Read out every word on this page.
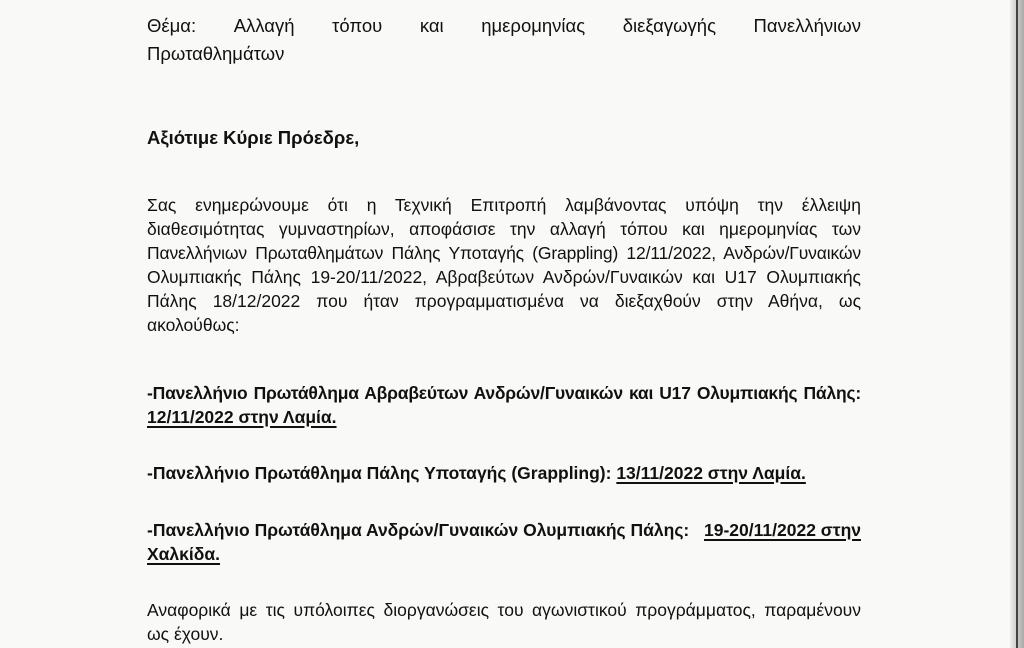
Θέμα: Αλλαγή τόπου και ημερομηνίας διεξαγωγής Πανελλήνιων
Πρωταθλημάτων
Αξιότιμε Κύριε Πρόεδρε,
Σας ενημερώνουμε ότι η Τεχνική Επιτροπή λαμβάνοντας υπόψη την έλλειψη
διαθεσιμότητας γυμναστηρίων, αποφάσισε την αλλαγή τόπου και ημερομηνίας των
Πανελλήνιων Πρωταθλημάτων Πάλης Υποταγής (Grappling) 12/11/2022, Ανδρών/Γυναικών
Ολυμπιακής Πάλης 19-20/11/2022, Αβραβεύτων Ανδρών/Γυναικών και U17 Ολυμπιακής
Πάλης 18/12/2022 που ήταν προγραμματισμένα να διεξαχθούν στην Αθήνα, ως
ακολούθως:
-Πανελλήνιο Πρωτάθλημα Αβραβεύτων Ανδρών/Γυναικών και U17 Ολυμπιακής Πάλης:
12/11/2022 στην Λαμία.
-Πανελλήνιο Πρωτάθλημα Πάλης Υποταγής (Grappling): 13/11/2022 στην Λαμία.
-Πανελλήνιο Πρωτάθλημα Ανδρών/Γυναικών Ολυμπιακής Πάλης: 19-20/11/2022 στην
Χαλκίδα.
Αναφορικά με τις υπόλοιπες διοργανώσεις του αγωνιστικού προγράμματος, παραμένουν
ως έχουν.
